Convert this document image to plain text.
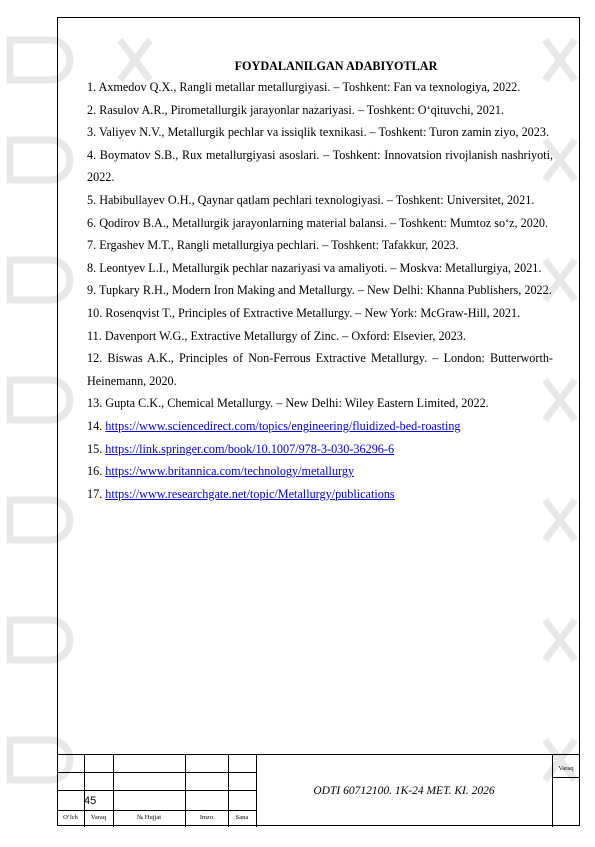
FOYDALANILGAN ADABIYOTLAR

1. Axmedov Q.X., Rangli metallar metallurgiyasi. – Toshkent: Fan va texnologiya, 2022.

2. Rasulov A.R., Pirometallurgik jarayonlar nazariyasi. – Toshkent: O‘qituvchi, 2021.

3. Valiyev N.V., Metallurgik pechlar va issiqlik texnikasi. – Toshkent: Turon zamin ziyo, 2023.

4. Boymatov S.B., Rux metallurgiyasi asoslari. – Toshkent: Innovatsion rivojlanish nashriyoti, 2022.

5. Habibullayev O.H., Qaynar qatlam pechlari texnologiyasi. – Toshkent: Universitet, 2021.

6. Qodirov B.A., Metallurgik jarayonlarning material balansi. – Toshkent: Mumtoz so‘z, 2020.

7. Ergashev M.T., Rangli metallurgiya pechlari. – Toshkent: Tafakkur, 2023.

8. Leontyev L.I., Metallurgik pechlar nazariyasi va amaliyoti. – Moskva: Metallurgiya, 2021.

9. Tupkary R.H., Modern Iron Making and Metallurgy. – New Delhi: Khanna Publishers, 2022.

10. Rosenqvist T., Principles of Extractive Metallurgy. – New York: McGraw-Hill, 2021.

11. Davenport W.G., Extractive Metallurgy of Zinc. – Oxford: Elsevier, 2023.

12. Biswas A.K., Principles of Non-Ferrous Extractive Metallurgy. – London: Butterworth-Heinemann, 2020.

13. Gupta C.K., Chemical Metallurgy. – New Delhi: Wiley Eastern Limited, 2022.

14. https://www.sciencedirect.com/topics/engineering/fluidized-bed-roasting

15. https://link.springer.com/book/10.1007/978-3-030-36296-6

16. https://www.britannica.com/technology/metallurgy

17. https://www.researchgate.net/topic/Metallurgy/publications

45
ODTI 60712100. 1K-24 MET. KI. 2026
Varaq
O‘lch	Varaq	№ Hujjat	Imzo	Sana
